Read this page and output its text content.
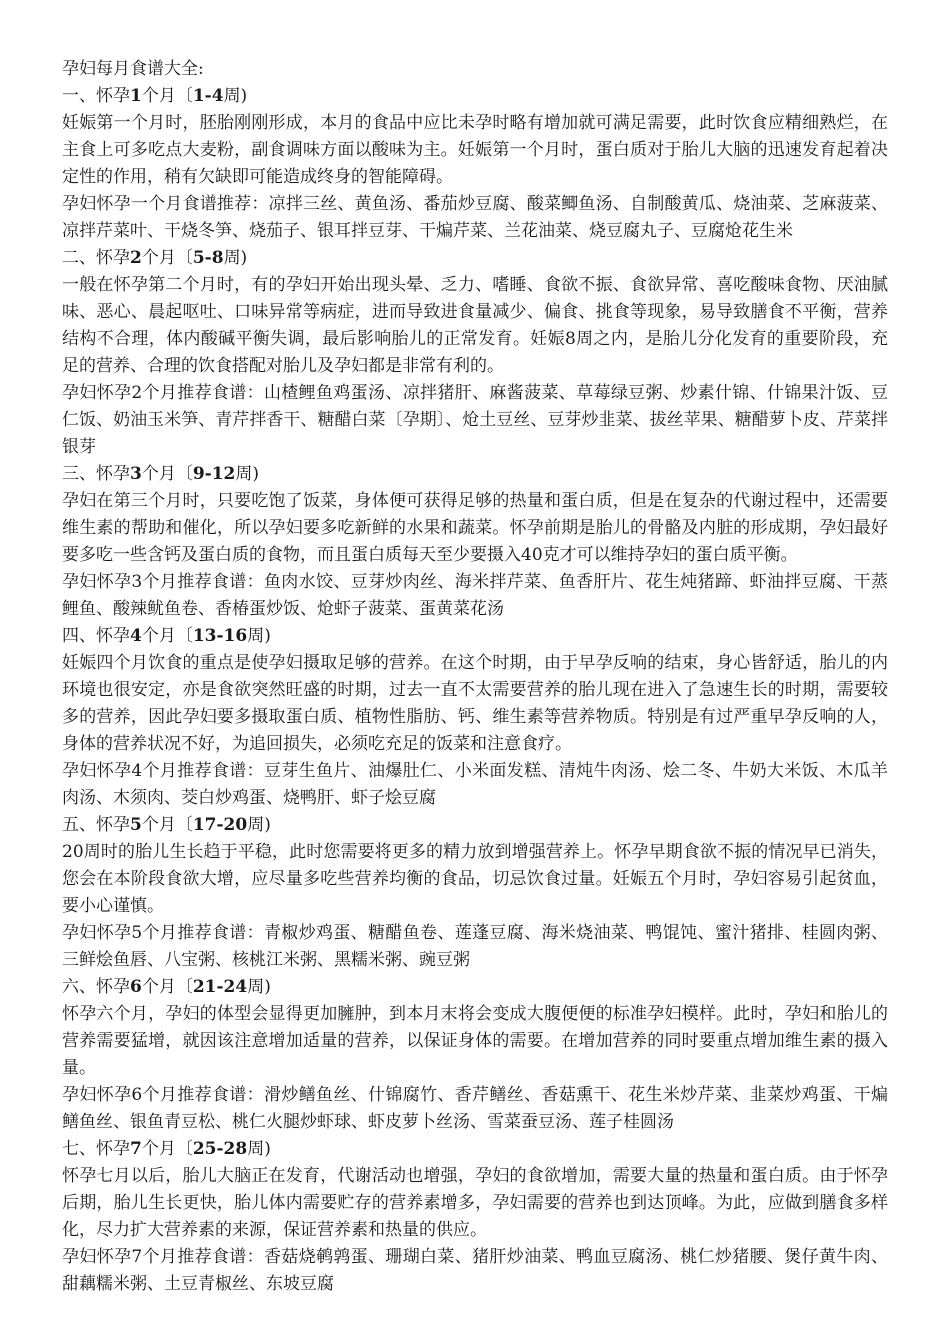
孕妇每月食谱大全:

一、怀孕1个月〔1-4周)

妊娠第一个月时，胚胎刚刚形成，本月的食品中应比未孕时略有增加就可满足需要，此时饮食应精细熟烂，在主食上可多吃点大麦粉，副食调味方面以酸味为主。妊娠第一个月时，蛋白质对于胎儿大脑的迅速发育起着决定性的作用，稍有欠缺即可能造成终身的智能障碍。

孕妇怀孕一个月食谱推荐：凉拌三丝、黄鱼汤、番茄炒豆腐、酸菜鲫鱼汤、自制酸黄瓜、烧油菜、芝麻菠菜、凉拌芹菜叶、干烧冬笋、烧茄子、银耳拌豆芽、干煸芹菜、兰花油菜、烧豆腐丸子、豆腐炝花生米

二、怀孕2个月〔5-8周)

一般在怀孕第二个月时，有的孕妇开始出现头晕、乏力、嗜睡、食欲不振、食欲异常、喜吃酸味食物、厌油腻味、恶心、晨起呕吐、口味异常等病症，进而导致进食量减少、偏食、挑食等现象，易导致膳食不平衡，营养结构不合理，体内酸碱平衡失调，最后影响胎儿的正常发育。妊娠8周之内，是胎儿分化发育的重要阶段，充足的营养、合理的饮食搭配对胎儿及孕妇都是非常有利的。

孕妇怀孕2个月推荐食谱：山楂鲤鱼鸡蛋汤、凉拌猪肝、麻酱菠菜、草莓绿豆粥、炒素什锦、什锦果汁饭、豆仁饭、奶油玉米笋、青芹拌香干、糖醋白菜〔孕期〕、炝土豆丝、豆芽炒韭菜、拔丝苹果、糖醋萝卜皮、芹菜拌银芽

三、怀孕3个月〔9-12周)

孕妇在第三个月时，只要吃饱了饭菜，身体便可获得足够的热量和蛋白质，但是在复杂的代谢过程中，还需要维生素的帮助和催化，所以孕妇要多吃新鲜的水果和蔬菜。怀孕前期是胎儿的骨骼及内脏的形成期，孕妇最好要多吃一些含钙及蛋白质的食物，而且蛋白质每天至少要摄入40克才可以维持孕妇的蛋白质平衡。

孕妇怀孕3个月推荐食谱：鱼肉水饺、豆芽炒肉丝、海米拌芹菜、鱼香肝片、花生炖猪蹄、虾油拌豆腐、干蒸鲤鱼、酸辣鱿鱼卷、香椿蛋炒饭、炝虾子菠菜、蛋黄菜花汤

四、怀孕4个月〔13-16周)

妊娠四个月饮食的重点是使孕妇摄取足够的营养。在这个时期，由于早孕反响的结束，身心皆舒适，胎儿的内环境也很安定，亦是食欲突然旺盛的时期，过去一直不太需要营养的胎儿现在进入了急速生长的时期，需要较多的营养，因此孕妇要多摄取蛋白质、植物性脂肪、钙、维生素等营养物质。特别是有过严重早孕反响的人，身体的营养状况不好，为追回损失，必须吃充足的饭菜和注意食疗。

孕妇怀孕4个月推荐食谱：豆芽生鱼片、油爆肚仁、小米面发糕、清炖牛肉汤、烩二冬、牛奶大米饭、木瓜羊肉汤、木须肉、茭白炒鸡蛋、烧鸭肝、虾子烩豆腐

五、怀孕5个月〔17-20周)

20周时的胎儿生长趋于平稳，此时您需要将更多的精力放到增强营养上。怀孕早期食欲不振的情况早已消失，您会在本阶段食欲大增，应尽量多吃些营养均衡的食品，切忌饮食过量。妊娠五个月时，孕妇容易引起贫血，要小心谨慎。

孕妇怀孕5个月推荐食谱：青椒炒鸡蛋、糖醋鱼卷、莲蓬豆腐、海米烧油菜、鸭馄饨、蜜汁猪排、桂圆肉粥、三鲜烩鱼唇、八宝粥、核桃江米粥、黑糯米粥、豌豆粥

六、怀孕6个月〔21-24周)

怀孕六个月，孕妇的体型会显得更加臃肿，到本月末将会变成大腹便便的标准孕妇模样。此时，孕妇和胎儿的营养需要猛增，就因该注意增加适量的营养，以保证身体的需要。在增加营养的同时要重点增加维生素的摄入量。

孕妇怀孕6个月推荐食谱：滑炒鳝鱼丝、什锦腐竹、香芹鳝丝、香菇熏干、花生米炒芹菜、韭菜炒鸡蛋、干煸鳝鱼丝、银鱼青豆松、桃仁火腿炒虾球、虾皮萝卜丝汤、雪菜蚕豆汤、莲子桂圆汤

七、怀孕7个月〔25-28周)

怀孕七月以后，胎儿大脑正在发育，代谢活动也增强，孕妇的食欲增加，需要大量的热量和蛋白质。由于怀孕后期，胎儿生长更快，胎儿体内需要贮存的营养素增多，孕妇需要的营养也到达顶峰。为此，应做到膳食多样化，尽力扩大营养素的来源，保证营养素和热量的供应。

孕妇怀孕7个月推荐食谱：香菇烧鹌鹑蛋、珊瑚白菜、猪肝炒油菜、鸭血豆腐汤、桃仁炒猪腰、煲仔黄牛肉、甜藕糯米粥、土豆青椒丝、东坡豆腐
